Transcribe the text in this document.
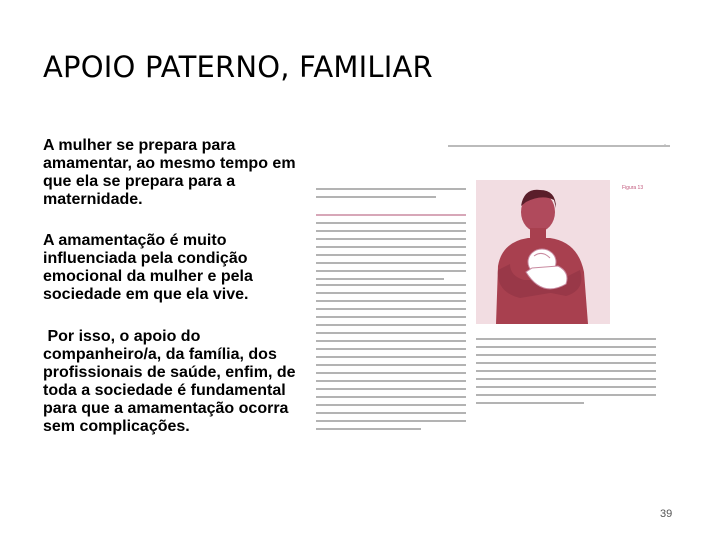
APOIO PATERNO, FAMILIAR
A mulher se prepara para amamentar, ao mesmo tempo em que ela se prepara para a maternidade.
A amamentação é muito influenciada pela condição emocional da mulher e pela sociedade em que ela vive.
Por isso, o apoio do companheiro/a, da família, dos profissionais de saúde, enfim, de toda a sociedade é fundamental para que a amamentação ocorra sem complicações.
·
Figura 13
39
